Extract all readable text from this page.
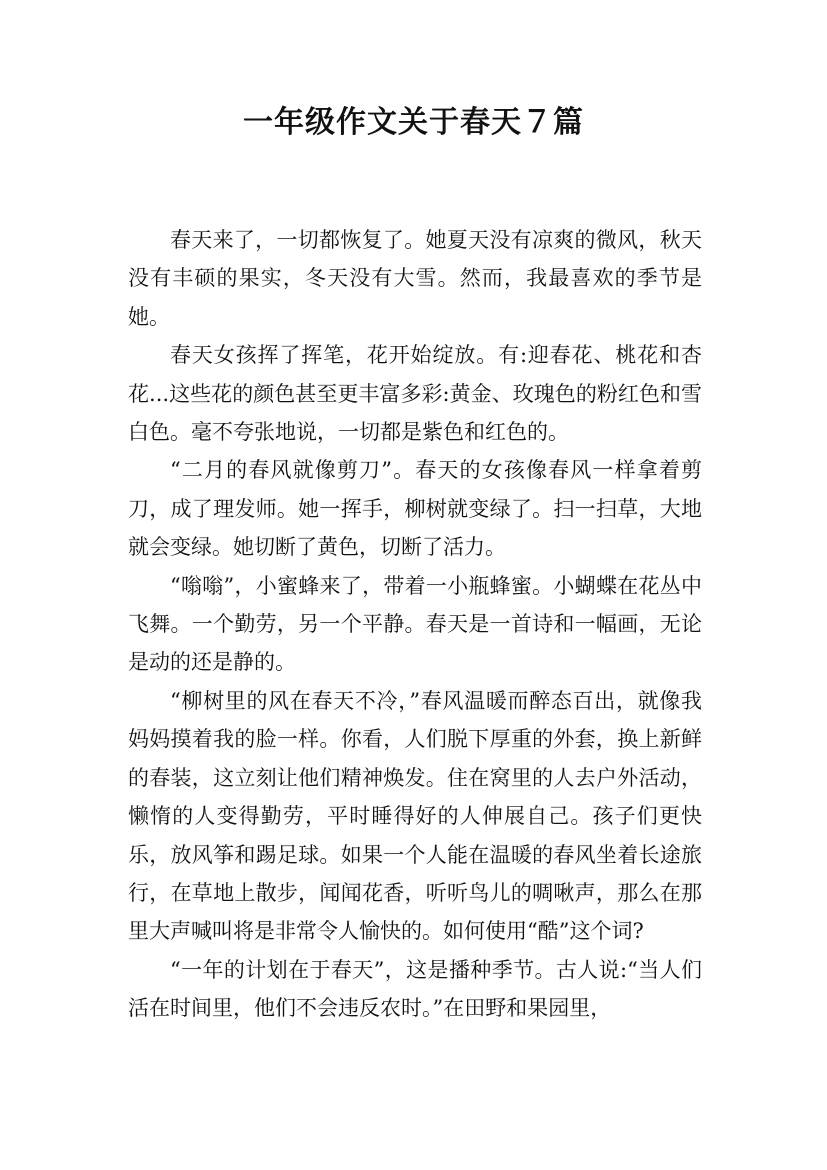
一年级作文关于春天７篇

春天来了，一切都恢复了。她夏天没有凉爽的微风，秋天没有丰硕的果实，冬天没有大雪。然而，我最喜欢的季节是她。

春天女孩挥了挥笔，花开始绽放。有:迎春花、桃花和杏花...这些花的颜色甚至更丰富多彩:黄金、玫瑰色的粉红色和雪白色。毫不夸张地说，一切都是紫色和红色的。

“二月的春风就像剪刀”。春天的女孩像春风一样拿着剪刀，成了理发师。她一挥手，柳树就变绿了。扫一扫草，大地就会变绿。她切断了黄色，切断了活力。

“嗡嗡”，小蜜蜂来了，带着一小瓶蜂蜜。小蝴蝶在花丛中飞舞。一个勤劳，另一个平静。春天是一首诗和一幅画，无论是动的还是静的。

“柳树里的风在春天不冷，”春风温暖而醉态百出，就像我妈妈摸着我的脸一样。你看，人们脱下厚重的外套，换上新鲜的春装，这立刻让他们精神焕发。住在窝里的人去户外活动，懒惰的人变得勤劳，平时睡得好的人伸展自己。孩子们更快乐，放风筝和踢足球。如果一个人能在温暖的春风坐着长途旅行，在草地上散步，闻闻花香，听听鸟儿的啁啾声，那么在那里大声喊叫将是非常令人愉快的。如何使用“酷”这个词?

“一年的计划在于春天”，这是播种季节。古人说:“当人们活在时间里，他们不会违反农时。”在田野和果园里，
